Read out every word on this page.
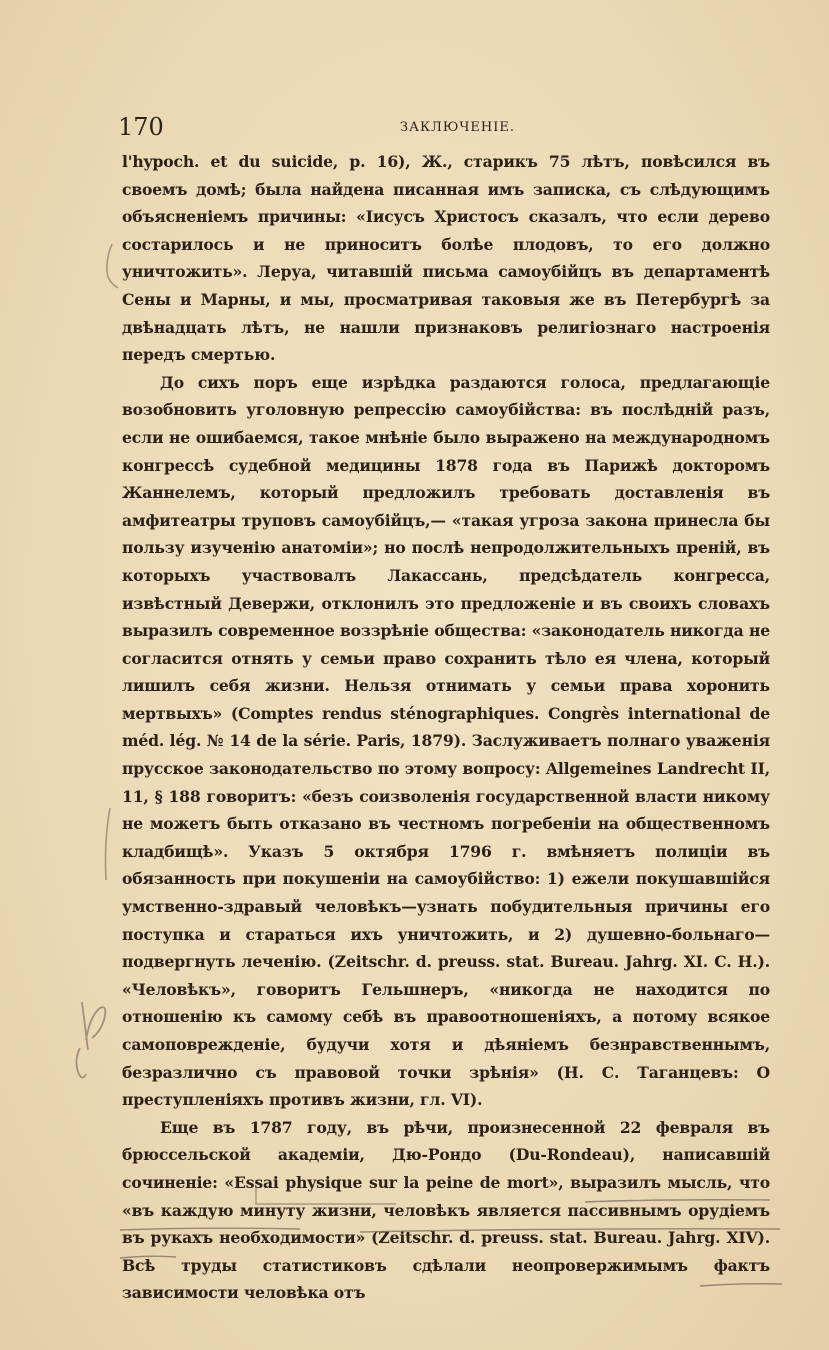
170	ЗАКЛЮЧЕНІЕ.

l'hypoch. et du suicide, p. 16), Ж., старикъ 75 лѣтъ, повѣсился въ своемъ домѣ; была найдена писанная имъ записка, съ слѣдующимъ объясненіемъ причины: «Іисусъ Христосъ сказалъ, что если дерево состарилось и не приноситъ болѣе плодовъ, то его должно уничтожить». Леруа, читавшій письма самоубійцъ въ департаментѣ Сены и Марны, и мы, просматривая таковыя же въ Петербургѣ за двѣнадцать лѣтъ, не нашли признаковъ религіознаго настроенія передъ смертью.

До сихъ поръ еще изрѣдка раздаются голоса, предлагающіе возобновить уголовную репрессію самоубійства: въ послѣдній разъ, если не ошибаемся, такое мнѣніе было выражено на международномъ конгрессѣ судебной медицины 1878 года въ Парижѣ докторомъ Жаннелемъ, который предложилъ требовать доставленія въ амфитеатры труповъ самоубійцъ,— «такая угроза закона принесла бы пользу изученію анатоміи»; но послѣ непродолжительныхъ преній, въ которыхъ участвовалъ Лакассань, предсѣдатель конгресса, извѣстный Девержи, отклонилъ это предложеніе и въ своихъ словахъ выразилъ современное воззрѣніе общества: «законодатель никогда не согласится отнять у семьи право сохранить тѣло ея члена, который лишилъ себя жизни. Нельзя отнимать у семьи права хоронить мертвыхъ» (Comptes rendus sténographiques. Congrès international de méd. lég. № 14 de la série. Paris, 1879). Заслуживаетъ полнаго уваженія прусское законодательство по этому вопросу: Allgemeines Landrecht II, 11, § 188 говоритъ: «безъ соизволенія государственной власти никому не можетъ быть отказано въ честномъ погребеніи на общественномъ кладбищѣ». Указъ 5 октября 1796 г. вмѣняетъ полиціи въ обязанность при покушеніи на самоубійство: 1) ежели покушавшійся умственно-здравый человѣкъ—узнать побудительныя причины его поступка и стараться ихъ уничтожить, и 2) душевно-больнаго—подвергнуть леченію. (Zeitschr. d. preuss. stat. Bureau. Jahrg. XI. C. H.). «Человѣкъ», говоритъ Гельшнеръ, «никогда не находится по отношенію къ самому себѣ въ правоотношеніяхъ, а потому всякое самоповрежденіе, будучи хотя и дѣяніемъ безнравственнымъ, безразлично съ правовой точки зрѣнія» (Н. С. Таганцевъ: О преступленіяхъ противъ жизни, гл. VI).

Еще въ 1787 году, въ рѣчи, произнесенной 22 февраля въ брюссельской академіи, Дю-Рондо (Du-Rondeau), написавшій сочиненіе: «Essai physique sur la peine de mort», выразилъ мысль, что «въ каждую минуту жизни, человѣкъ является пассивнымъ орудіемъ въ рукахъ необходимости» (Zeitschr. d. preuss. stat. Bureau. Jahrg. XIV). Всѣ труды статистиковъ сдѣлали неопровержимымъ фактъ зависимости человѣка отъ
